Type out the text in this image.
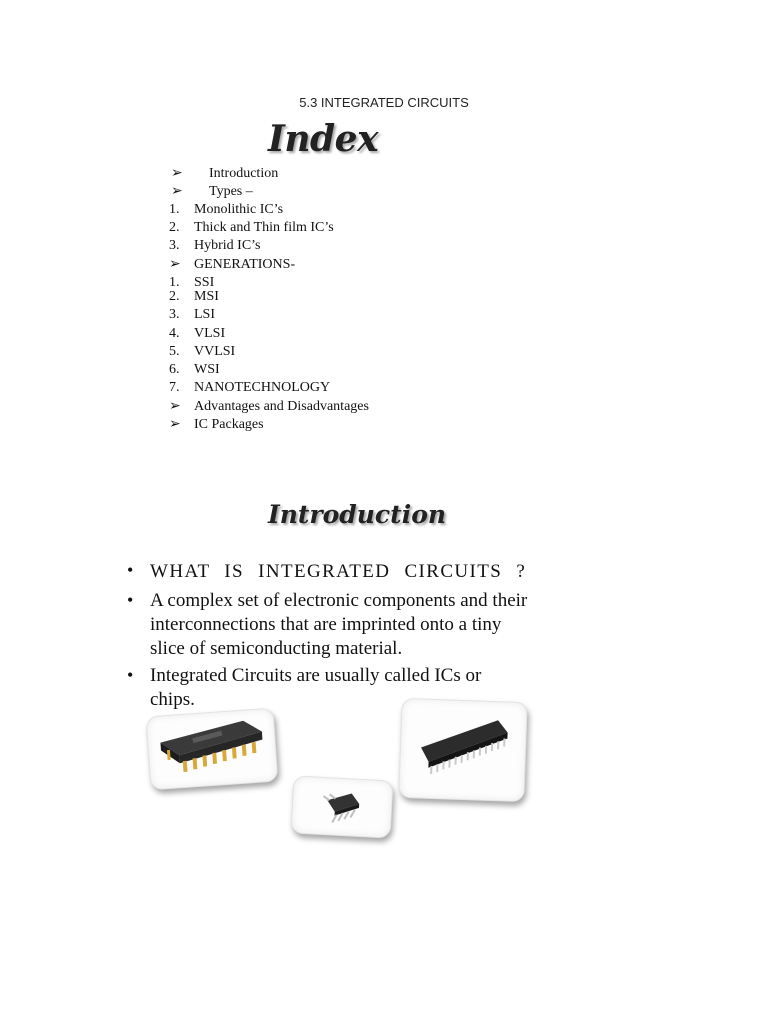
5.3 INTEGRATED CIRCUITS
Index
➢ Introduction
➢ Types –
1. Monolithic IC’s
2. Thick and Thin film IC’s
3. Hybrid IC’s
➢ GENERATIONS-
1. SSI
2. MSI
3. LSI
4. VLSI
5. VVLSI
6. WSI
7. NANOTECHNOLOGY
➢ Advantages and Disadvantages
➢ IC Packages
Introduction
• WHAT IS INTEGRATED CIRCUITS ?
• A complex set of electronic components and their interconnections that are imprinted onto a tiny slice of semiconducting material.
• Integrated Circuits are usually called ICs or chips.
